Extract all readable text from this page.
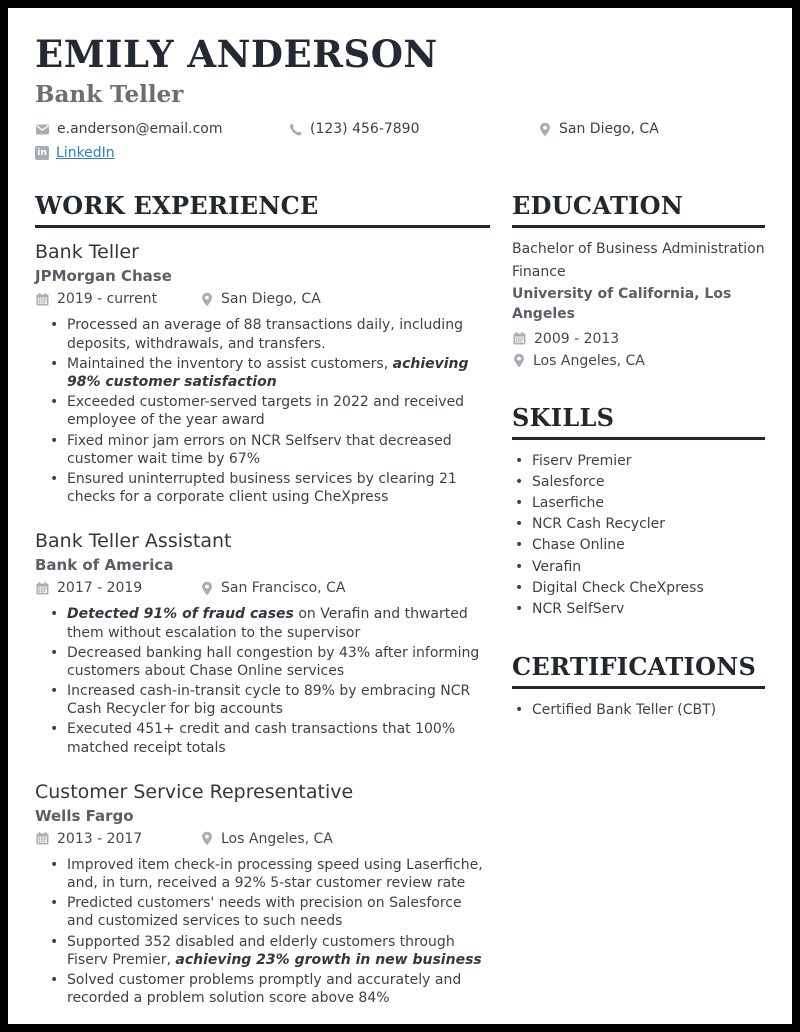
EMILY ANDERSON
Bank Teller
e.anderson@email.com	(123) 456-7890	San Diego, CA
in LinkedIn
WORK EXPERIENCE
Bank Teller
JPMorgan Chase
2019 - current	San Diego, CA
• Processed an average of 88 transactions daily, including deposits, withdrawals, and transfers.
• Maintained the inventory to assist customers, achieving 98% customer satisfaction
• Exceeded customer-served targets in 2022 and received employee of the year award
• Fixed minor jam errors on NCR Selfserv that decreased customer wait time by 67%
• Ensured uninterrupted business services by clearing 21 checks for a corporate client using CheXpress
Bank Teller Assistant
Bank of America
2017 - 2019	San Francisco, CA
• Detected 91% of fraud cases on Verafin and thwarted them without escalation to the supervisor
• Decreased banking hall congestion by 43% after informing customers about Chase Online services
• Increased cash-in-transit cycle to 89% by embracing NCR Cash Recycler for big accounts
• Executed 451+ credit and cash transactions that 100% matched receipt totals
Customer Service Representative
Wells Fargo
2013 - 2017	Los Angeles, CA
• Improved item check-in processing speed using Laserfiche, and, in turn, received a 92% 5-star customer review rate
• Predicted customers' needs with precision on Salesforce and customized services to such needs
• Supported 352 disabled and elderly customers through Fiserv Premier, achieving 23% growth in new business
• Solved customer problems promptly and accurately and recorded a problem solution score above 84%
EDUCATION
Bachelor of Business Administration
Finance
University of California, Los Angeles
2009 - 2013
Los Angeles, CA
SKILLS
• Fiserv Premier
• Salesforce
• Laserfiche
• NCR Cash Recycler
• Chase Online
• Verafin
• Digital Check CheXpress
• NCR SelfServ
CERTIFICATIONS
• Certified Bank Teller (CBT)
